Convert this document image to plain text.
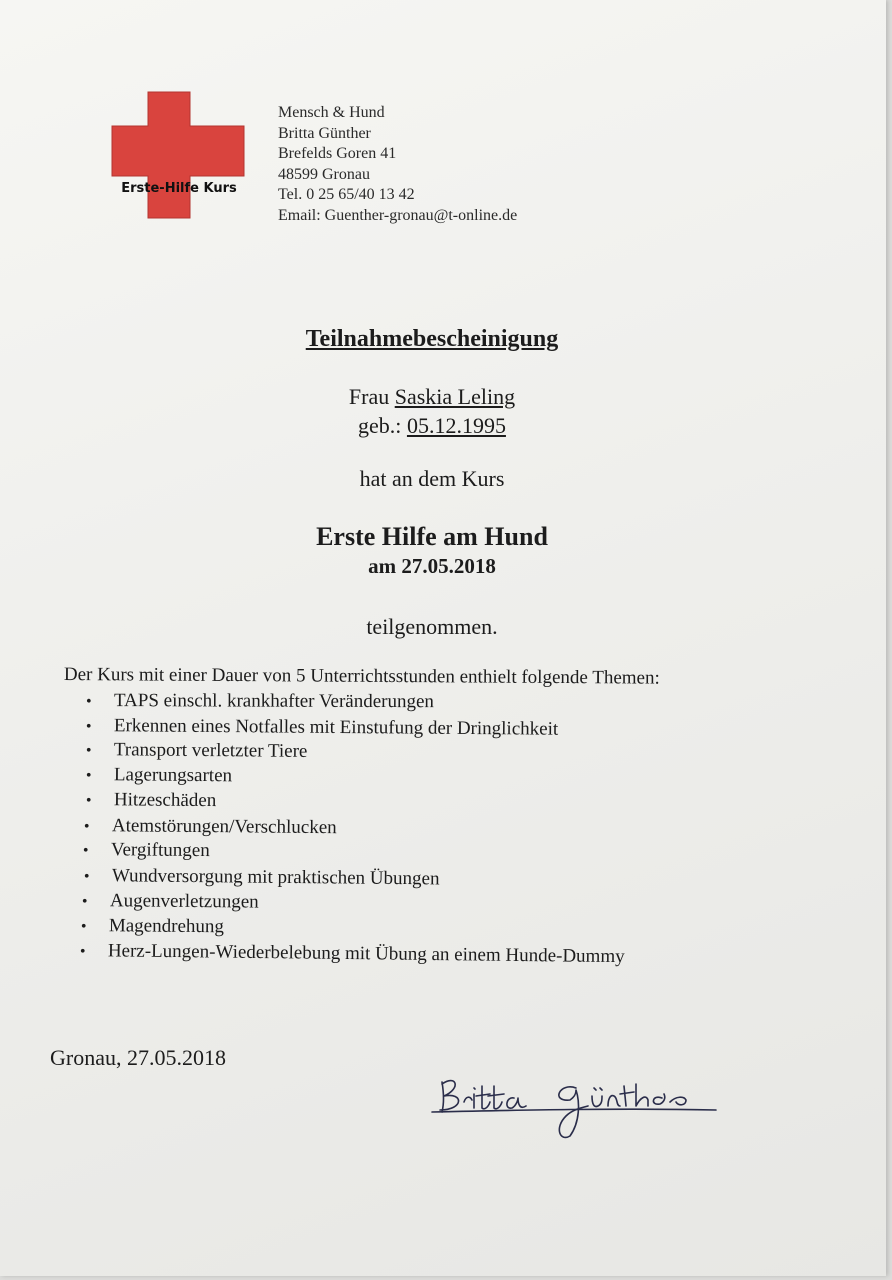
Erste-Hilfe Kurs
Mensch & Hund
Britta Günther
Brefelds Goren 41
48599 Gronau
Tel. 0 25 65/40 13 42
Email: Guenther-gronau@t-online.de
Teilnahmebescheinigung
Frau Saskia Leling
geb.: 05.12.1995
hat an dem Kurs
Erste Hilfe am Hund
am 27.05.2018
teilgenommen.
Der Kurs mit einer Dauer von 5 Unterrichtsstunden enthielt folgende Themen:
• TAPS einschl. krankhafter Veränderungen
• Erkennen eines Notfalles mit Einstufung der Dringlichkeit
• Transport verletzter Tiere
• Lagerungsarten
• Hitzeschäden
• Atemstörungen/Verschlucken
• Vergiftungen
• Wundversorgung mit praktischen Übungen
• Augenverletzungen
• Magendrehung
• Herz-Lungen-Wiederbelebung mit Übung an einem Hunde-Dummy
Gronau, 27.05.2018
